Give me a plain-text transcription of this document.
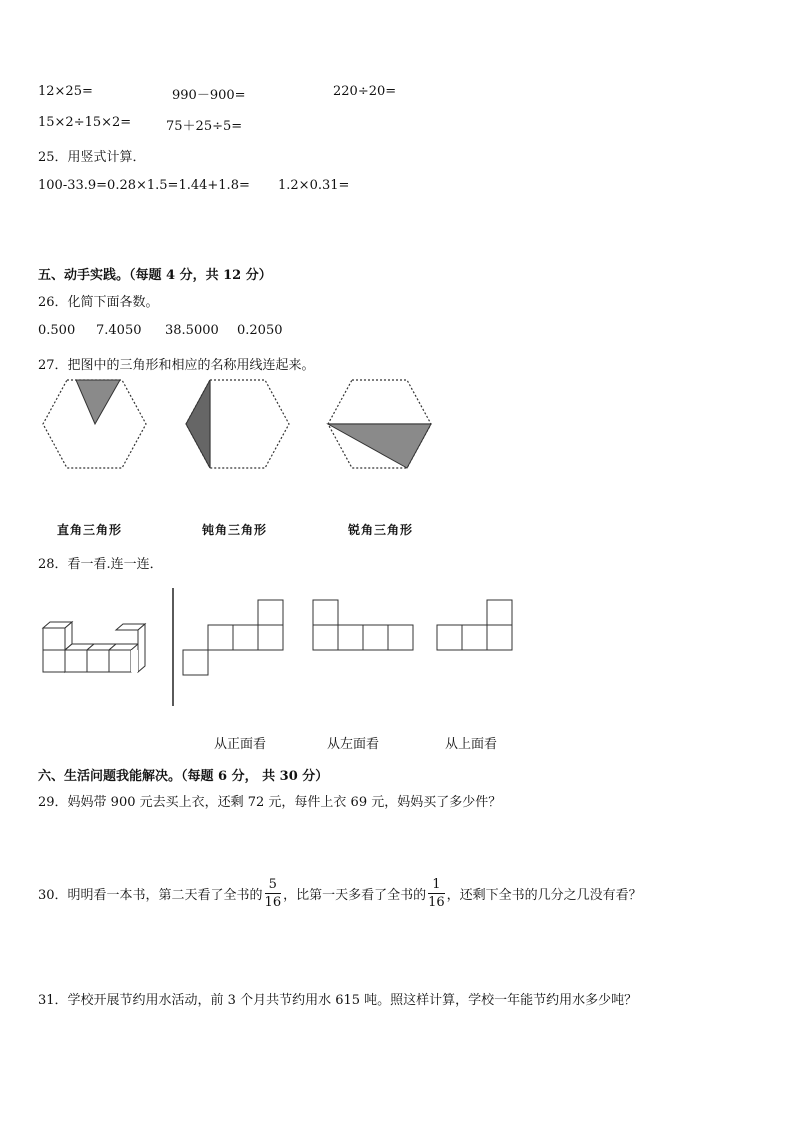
12×25=	990－900=	220÷20=
15×2÷15×2=	75＋25÷5=
25．用竖式计算．
100-33.9=0.28×1.5=1.44+1.8= 1.2×0.31=
五、动手实践。（每题 4 分，共 12 分）
26．化简下面各数。
0.500 7.4050 38.5000 0.2050
27．把图中的三角形和相应的名称用线连起来。
直角三角形	钝角三角形	锐角三角形
28．看一看.连一连．
从正面看	从左面看	从上面看
六、生活问题我能解决。（每题 6 分， 共 30 分）
29．妈妈带 900 元去买上衣，还剩 72 元，每件上衣 69 元，妈妈买了多少件？
30．明明看一本书，第二天看了全书的 $\frac{5}{16}$ ，比第一天多看了全书的 $\frac{1}{16}$ ，还剩下全书的几分之几没有看？
31．学校开展节约用水活动，前 3 个月共节约用水 615 吨。照这样计算，学校一年能节约用水多少吨？
